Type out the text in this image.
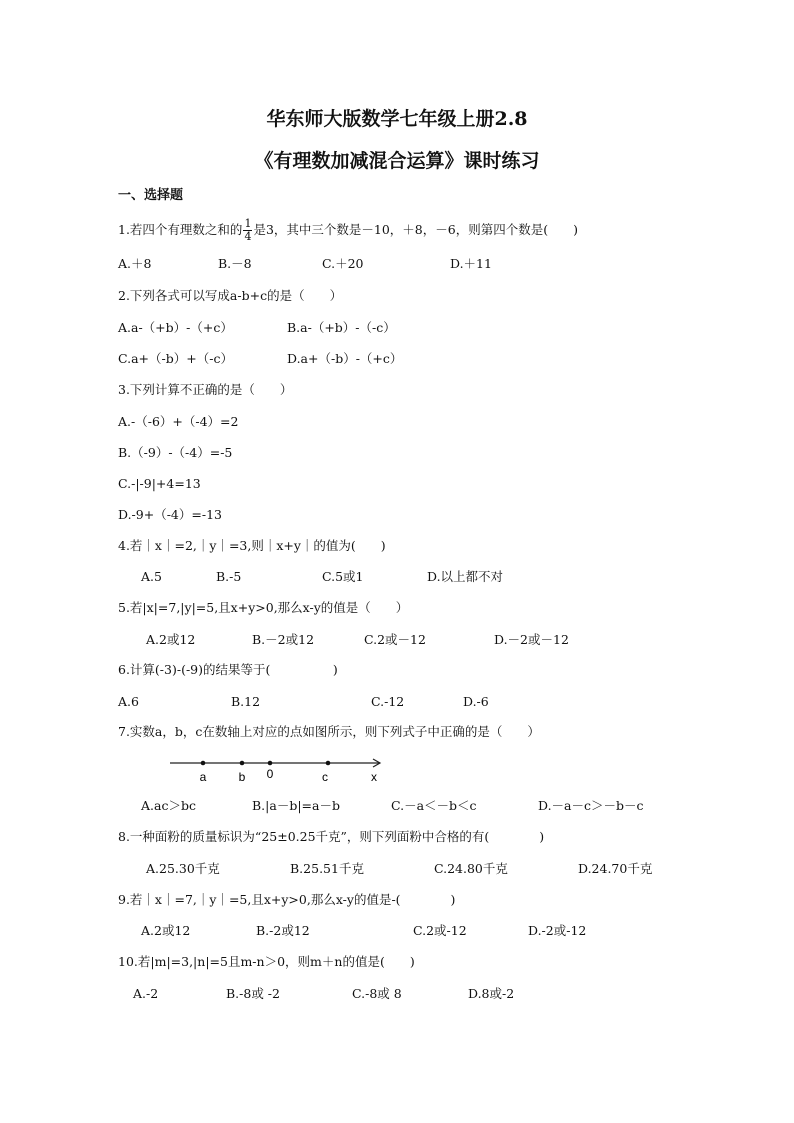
华东师大版数学七年级上册2.8
《有理数加减混合运算》课时练习
一、选择题
1.若四个有理数之和的 $\frac{1}{4}$ 是3，其中三个数是－10，＋8，－6，则第四个数是(　　)
A.＋8	B.－8	C.＋20	D.＋11
2.下列各式可以写成a-b+c的是（　　）
A.a-（+b）-（+c）	B.a-（+b）-（-c）
C.a+（-b）+（-c）	D.a+（-b）-（+c）
3.下列计算不正确的是（　　）
A.-（-6）+（-4）=2
B.（-9）-（-4）=-5
C.-|-9|+4=13
D.-9+（-4）=-13
4.若｜x｜=2,｜y｜=3,则｜x+y｜的值为(　　)
A.5	B.-5	C.5或1	D.以上都不对
5.若|x|=7,|y|=5,且x+y>0,那么x-y的值是（　　）
A.2或12	B.－2或12	C.2或－12	D.－2或－12
6.计算(-3)-(-9)的结果等于(　　　　　)
A.6	B.12	C.-12	D.-6
7.实数a，b，c在数轴上对应的点如图所示，则下列式子中正确的是（　　）
a	b 0	c	x
A.ac＞bc	B.|a－b|=a－b	C.－a＜－b＜c	D.－a－c＞－b－c
8.一种面粉的质量标识为“25±0.25千克”，则下列面粉中合格的有(　　　　)
A.25.30千克	B.25.51千克	C.24.80千克	D.24.70千克
9.若｜x｜=7,｜y｜=5,且x+y>0,那么x-y的值是-(　　　　)
A.2或12	B.-2或12	C.2或-12	D.-2或-12
10.若|m|=3,|n|=5且m-n＞0，则m＋n的值是(　　)
A.-2	B.-8或 -2	C.-8或 8	D.8或-2
